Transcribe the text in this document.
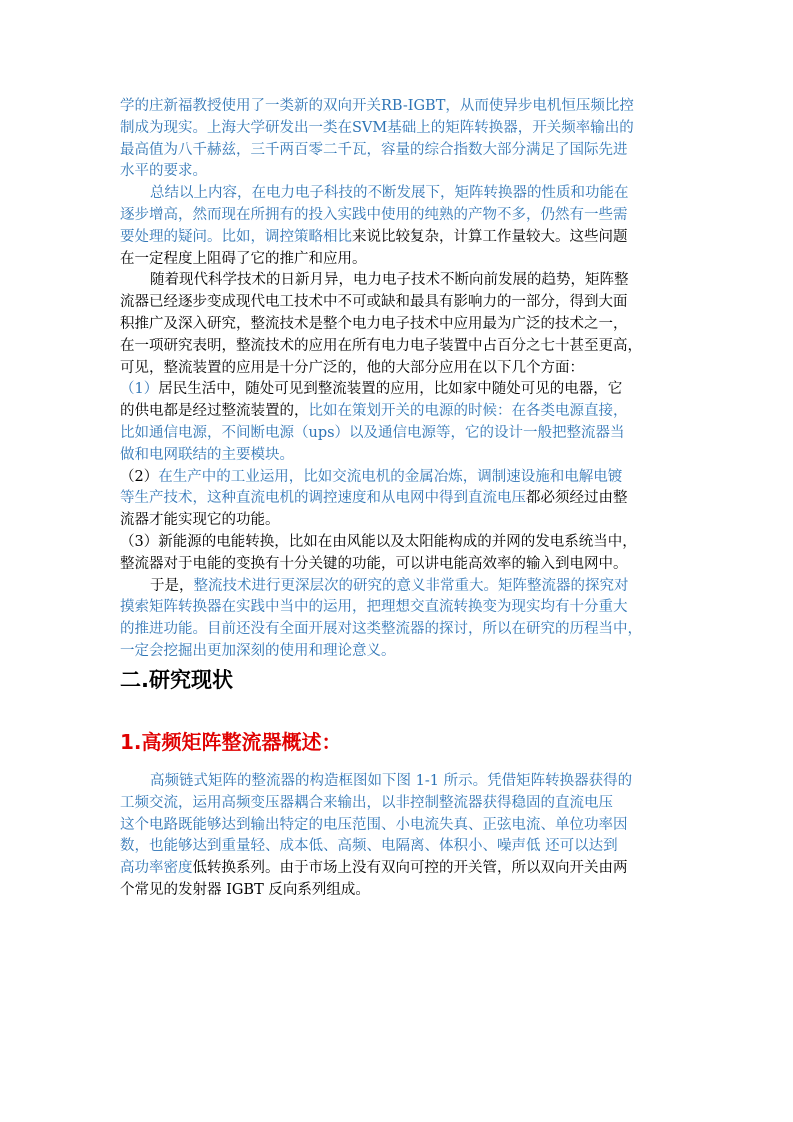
学的庄新福教授使用了一类新的双向开关RB-IGBT，从而使异步电机恒压频比控
制成为现实。上海大学研发出一类在SVM基础上的矩阵转换器，开关频率输出的
最高值为八千赫兹，三千两百零二千瓦，容量的综合指数大部分满足了国际先进
水平的要求。
总结以上内容，在电力电子科技的不断发展下，矩阵转换器的性质和功能在
逐步增高，然而现在所拥有的投入实践中使用的纯熟的产物不多，仍然有一些需
要处理的疑问。比如，调控策略相比来说比较复杂，计算工作量较大。这些问题
在一定程度上阻碍了它的推广和应用。
随着现代科学技术的日新月异，电力电子技术不断向前发展的趋势，矩阵整
流器已经逐步变成现代电工技术中不可或缺和最具有影响力的一部分，得到大面
积推广及深入研究，整流技术是整个电力电子技术中应用最为广泛的技术之一，
在一项研究表明，整流技术的应用在所有电力电子装置中占百分之七十甚至更高，
可见，整流装置的应用是十分广泛的，他的大部分应用在以下几个方面：
（1）居民生活中，随处可见到整流装置的应用，比如家中随处可见的电器，它
的供电都是经过整流装置的，比如在策划开关的电源的时候：在各类电源直接，
比如通信电源，不间断电源（ups）以及通信电源等，它的设计一般把整流器当
做和电网联结的主要模块。
（2）在生产中的工业运用，比如交流电机的金属冶炼，调制速设施和电解电镀
等生产技术，这种直流电机的调控速度和从电网中得到直流电压都必须经过由整
流器才能实现它的功能。
（3）新能源的电能转换，比如在由风能以及太阳能构成的并网的发电系统当中，
整流器对于电能的变换有十分关键的功能，可以讲电能高效率的输入到电网中。
于是，整流技术进行更深层次的研究的意义非常重大。矩阵整流器的探究对
摸索矩阵转换器在实践中当中的运用，把理想交直流转换变为现实均有十分重大
的推进功能。目前还没有全面开展对这类整流器的探讨，所以在研究的历程当中，
一定会挖掘出更加深刻的使用和理论意义。
二.研究现状
1.高频矩阵整流器概述：
高频链式矩阵的整流器的构造框图如下图 1-1 所示。凭借矩阵转换器获得的
工频交流，运用高频变压器耦合来输出，以非控制整流器获得稳固的直流电压
这个电路既能够达到输出特定的电压范围、小电流失真、正弦电流、单位功率因
数，也能够达到重量轻、成本低、高频、电隔离、体积小、噪声低 还可以达到
高功率密度低转换系列。由于市场上没有双向可控的开关管，所以双向开关由两
个常见的发射器 IGBT 反向系列组成。
